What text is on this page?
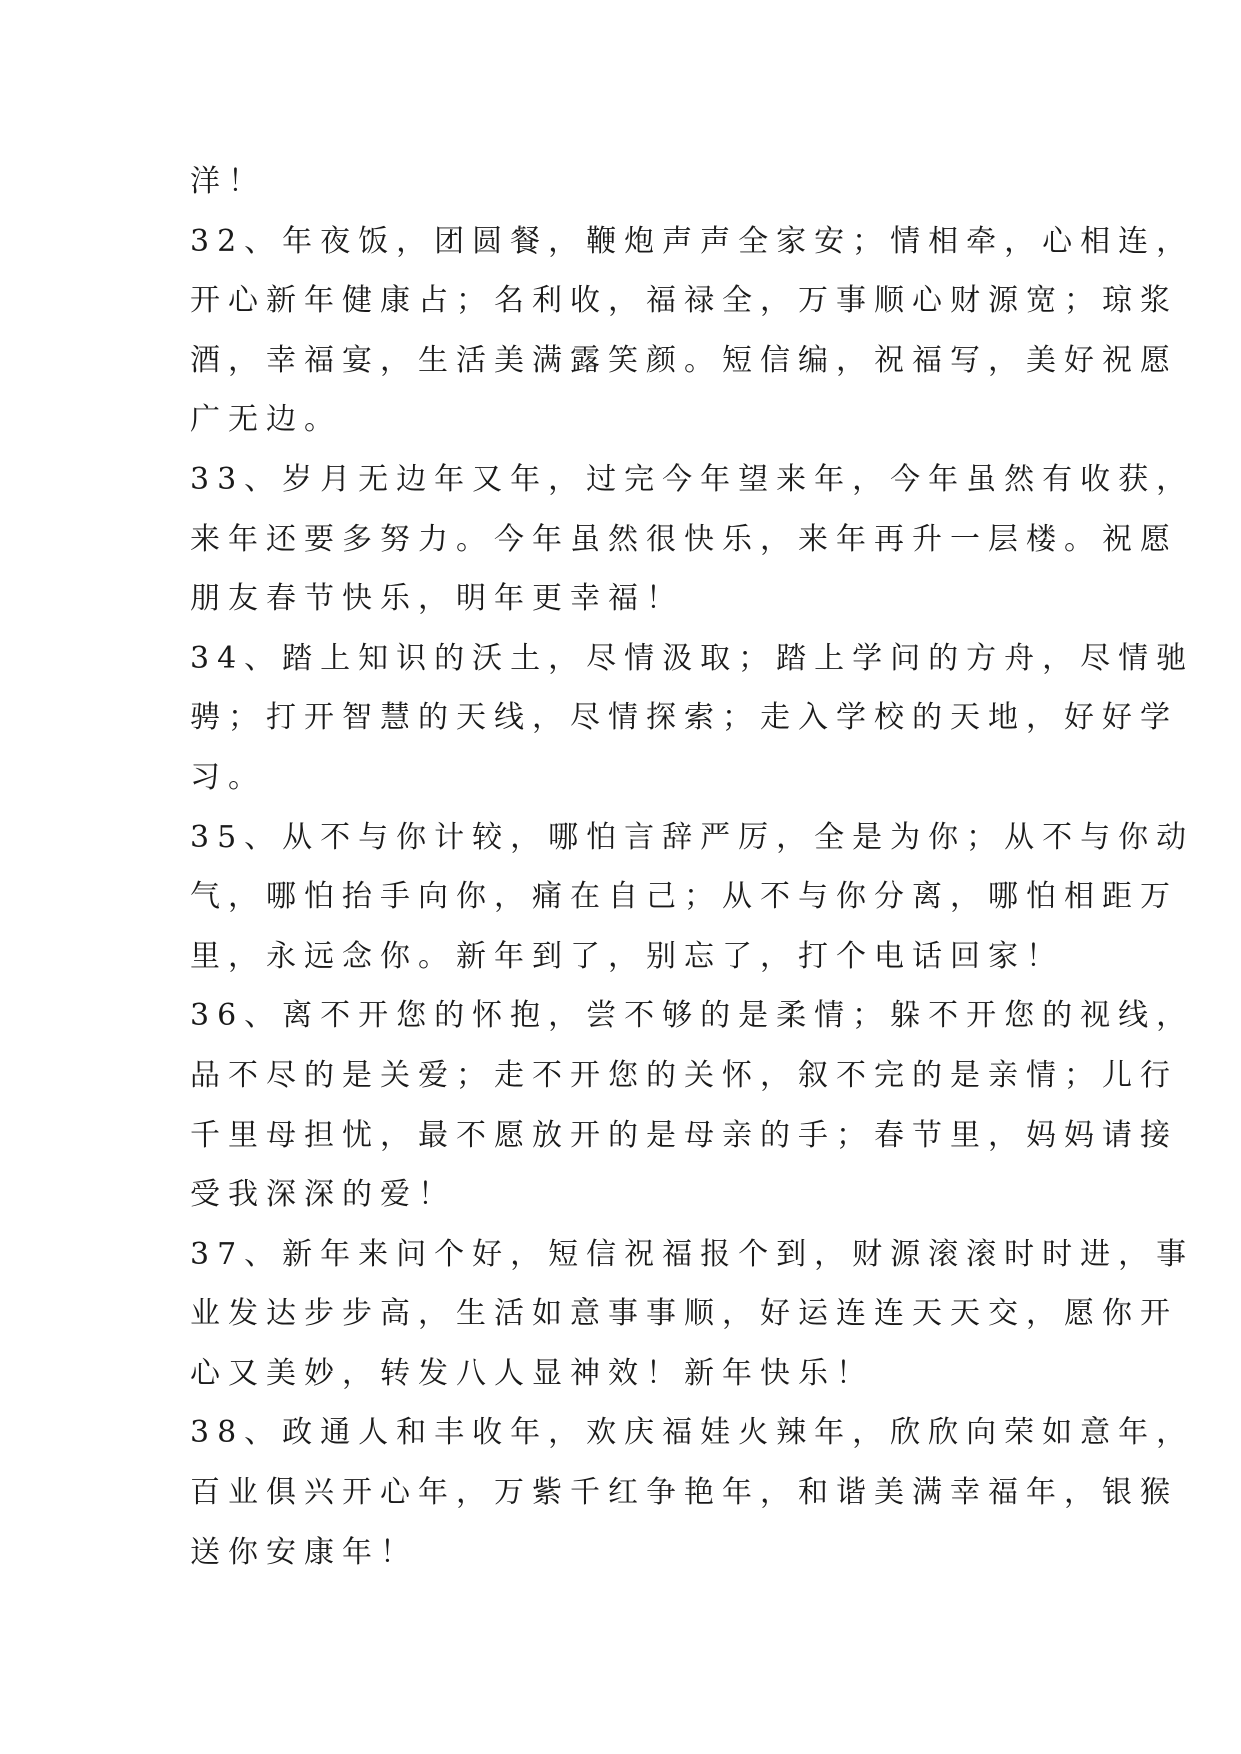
洋！
32、年夜饭，团圆餐，鞭炮声声全家安；情相牵，心相连，
开心新年健康占；名利收，福禄全，万事顺心财源宽；琼浆
酒，幸福宴，生活美满露笑颜。短信编，祝福写，美好祝愿
广无边。
33、岁月无边年又年，过完今年望来年，今年虽然有收获，
来年还要多努力。今年虽然很快乐，来年再升一层楼。祝愿
朋友春节快乐，明年更幸福！
34、踏上知识的沃土，尽情汲取；踏上学问的方舟，尽情驰
骋；打开智慧的天线，尽情探索；走入学校的天地，好好学
习。
35、从不与你计较，哪怕言辞严厉，全是为你；从不与你动
气，哪怕抬手向你，痛在自己；从不与你分离，哪怕相距万
里，永远念你。新年到了，别忘了，打个电话回家！
36、离不开您的怀抱，尝不够的是柔情；躲不开您的视线，
品不尽的是关爱；走不开您的关怀，叙不完的是亲情；儿行
千里母担忧，最不愿放开的是母亲的手；春节里，妈妈请接
受我深深的爱！
37、新年来问个好，短信祝福报个到，财源滚滚时时进，事
业发达步步高，生活如意事事顺，好运连连天天交，愿你开
心又美妙，转发八人显神效！新年快乐！
38、政通人和丰收年，欢庆福娃火辣年，欣欣向荣如意年，
百业俱兴开心年，万紫千红争艳年，和谐美满幸福年，银猴
送你安康年！
